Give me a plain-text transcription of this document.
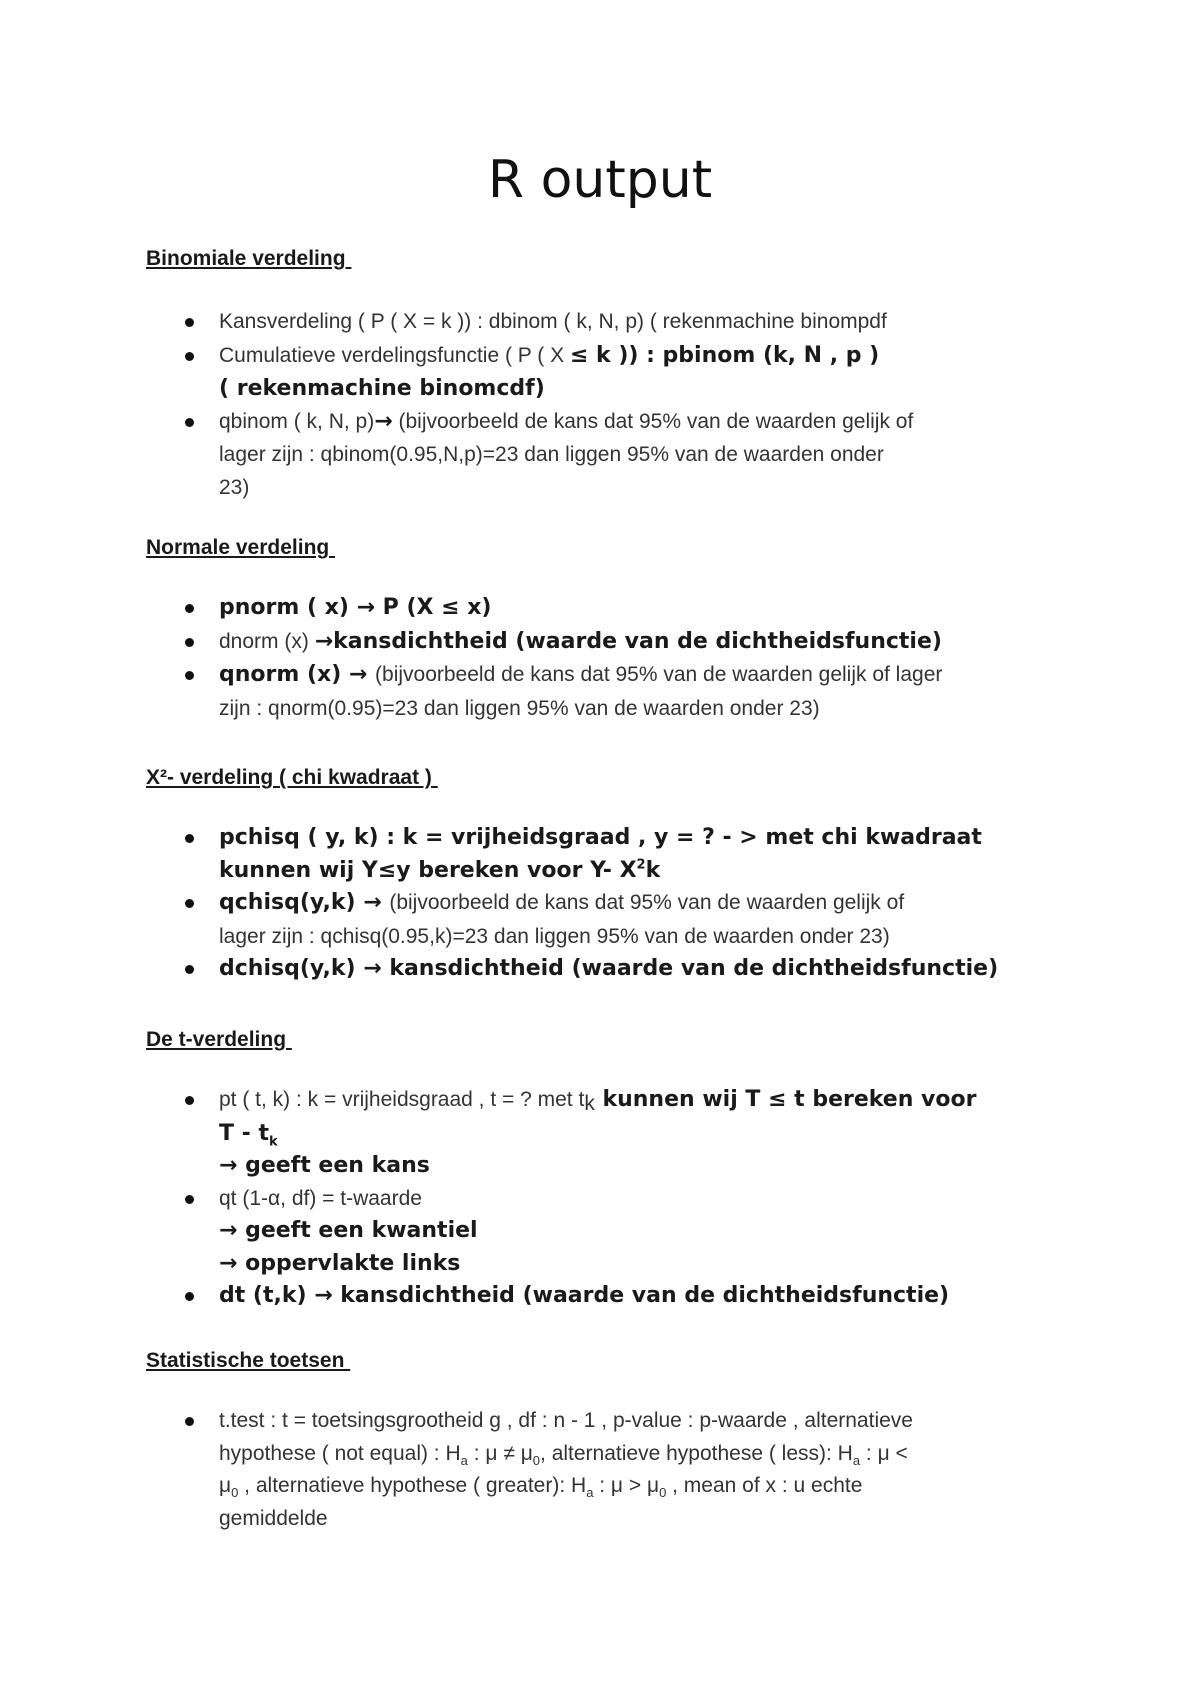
R output

Binomiale verdeling

Kansverdeling ( P ( X = k )) : dbinom ( k, N, p) ( rekenmachine binompdf
Cumulatieve verdelingsfunctie ( P ( X ≤ k )) : pbinom (k, N , p )
( rekenmachine binomcdf)
qbinom ( k, N, p)→ (bijvoorbeeld de kans dat 95% van de waarden gelijk of
lager zijn : qbinom(0.95,N,p)=23 dan liggen 95% van de waarden onder
23)

Normale verdeling

pnorm ( x) → P (X ≤ x)
dnorm (x) →kansdichtheid (waarde van de dichtheidsfunctie)
qnorm (x) → (bijvoorbeeld de kans dat 95% van de waarden gelijk of lager
zijn : qnorm(0.95)=23 dan liggen 95% van de waarden onder 23)

X²- verdeling ( chi kwadraat )

pchisq ( y, k) : k = vrijheidsgraad , y = ? - > met chi kwadraat
kunnen wij Y≤y bereken voor Y- $X^2k$
qchisq(y,k) → (bijvoorbeeld de kans dat 95% van de waarden gelijk of
lager zijn : qchisq(0.95,k)=23 dan liggen 95% van de waarden onder 23)
dchisq(y,k) → kansdichtheid (waarde van de dichtheidsfunctie)

De t-verdeling

pt ( t, k) : k = vrijheidsgraad , t = ? met $t_k$ kunnen wij T ≤ t bereken voor
T - $t_k$
→ geeft een kans
qt (1-α, df) = t-waarde
→ geeft een kwantiel
→ oppervlakte links
dt (t,k) → kansdichtheid (waarde van de dichtheidsfunctie)

Statistische toetsen

t.test : t = toetsingsgrootheid g , df : n - 1 , p-value : p-waarde , alternatieve
hypothese ( not equal) : $H_a$ : $\mu \ne \mu_0$, alternatieve hypothese ( less): $H_a$ : μ <
$\mu_0$ , alternatieve hypothese ( greater): $H_a$ : $\mu > \mu_0$ , mean of x : u echte
gemiddelde
